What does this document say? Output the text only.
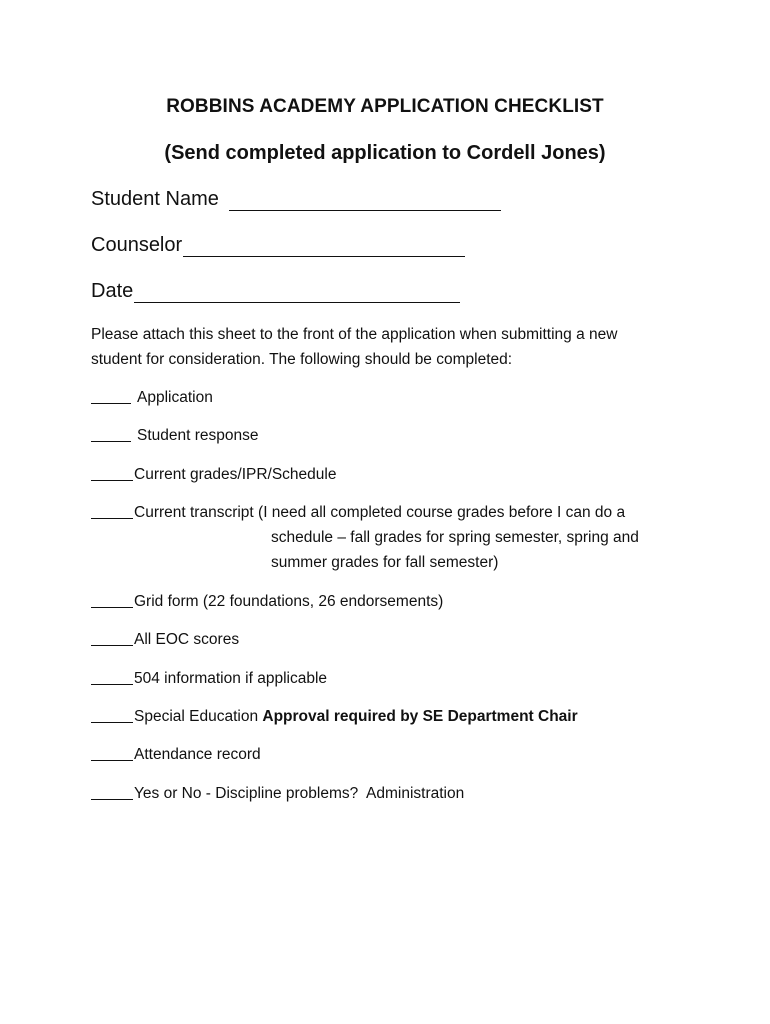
ROBBINS ACADEMY APPLICATION CHECKLIST
(Send completed application to Cordell Jones)
Student Name
Counselor
Date
Please attach this sheet to the front of the application when submitting a new
student for consideration. The following should be completed:
Application
Student response
Current grades/IPR/Schedule
Current transcript (I need all completed course grades before I can do a
schedule – fall grades for spring semester, spring and
summer grades for fall semester)
Grid form (22 foundations, 26 endorsements)
All EOC scores
504 information if applicable
Special Education Approval required by SE Department Chair
Attendance record
Yes or No - Discipline problems?  Administration
